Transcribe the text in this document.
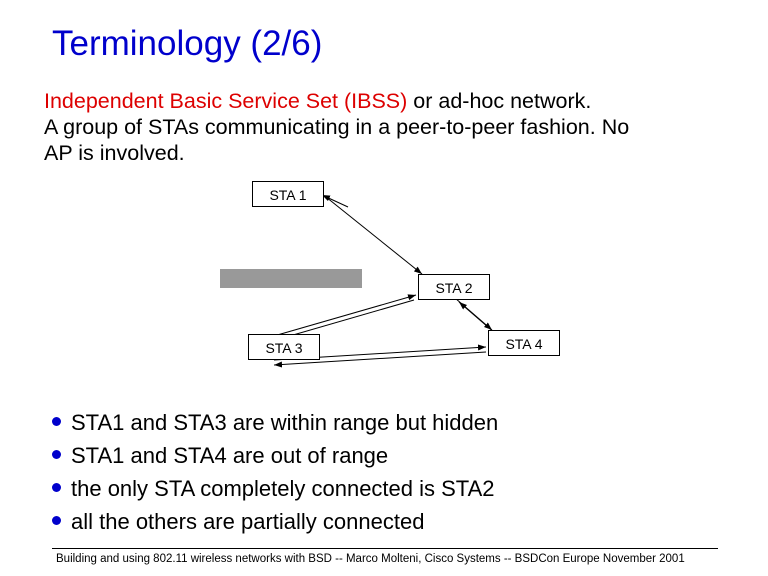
Terminology (2/6)
Independent Basic Service Set (IBSS) or ad-hoc network.
A group of STAs communicating in a peer-to-peer fashion. No
AP is involved.
STA 1
STA 2
STA 3	STA 4
STA1 and STA3 are within range but hidden
STA1 and STA4 are out of range
the only STA completely connected is STA2
all the others are partially connected
Building and using 802.11 wireless networks with BSD -- Marco Molteni, Cisco Systems -- BSDCon Europe November 2001
